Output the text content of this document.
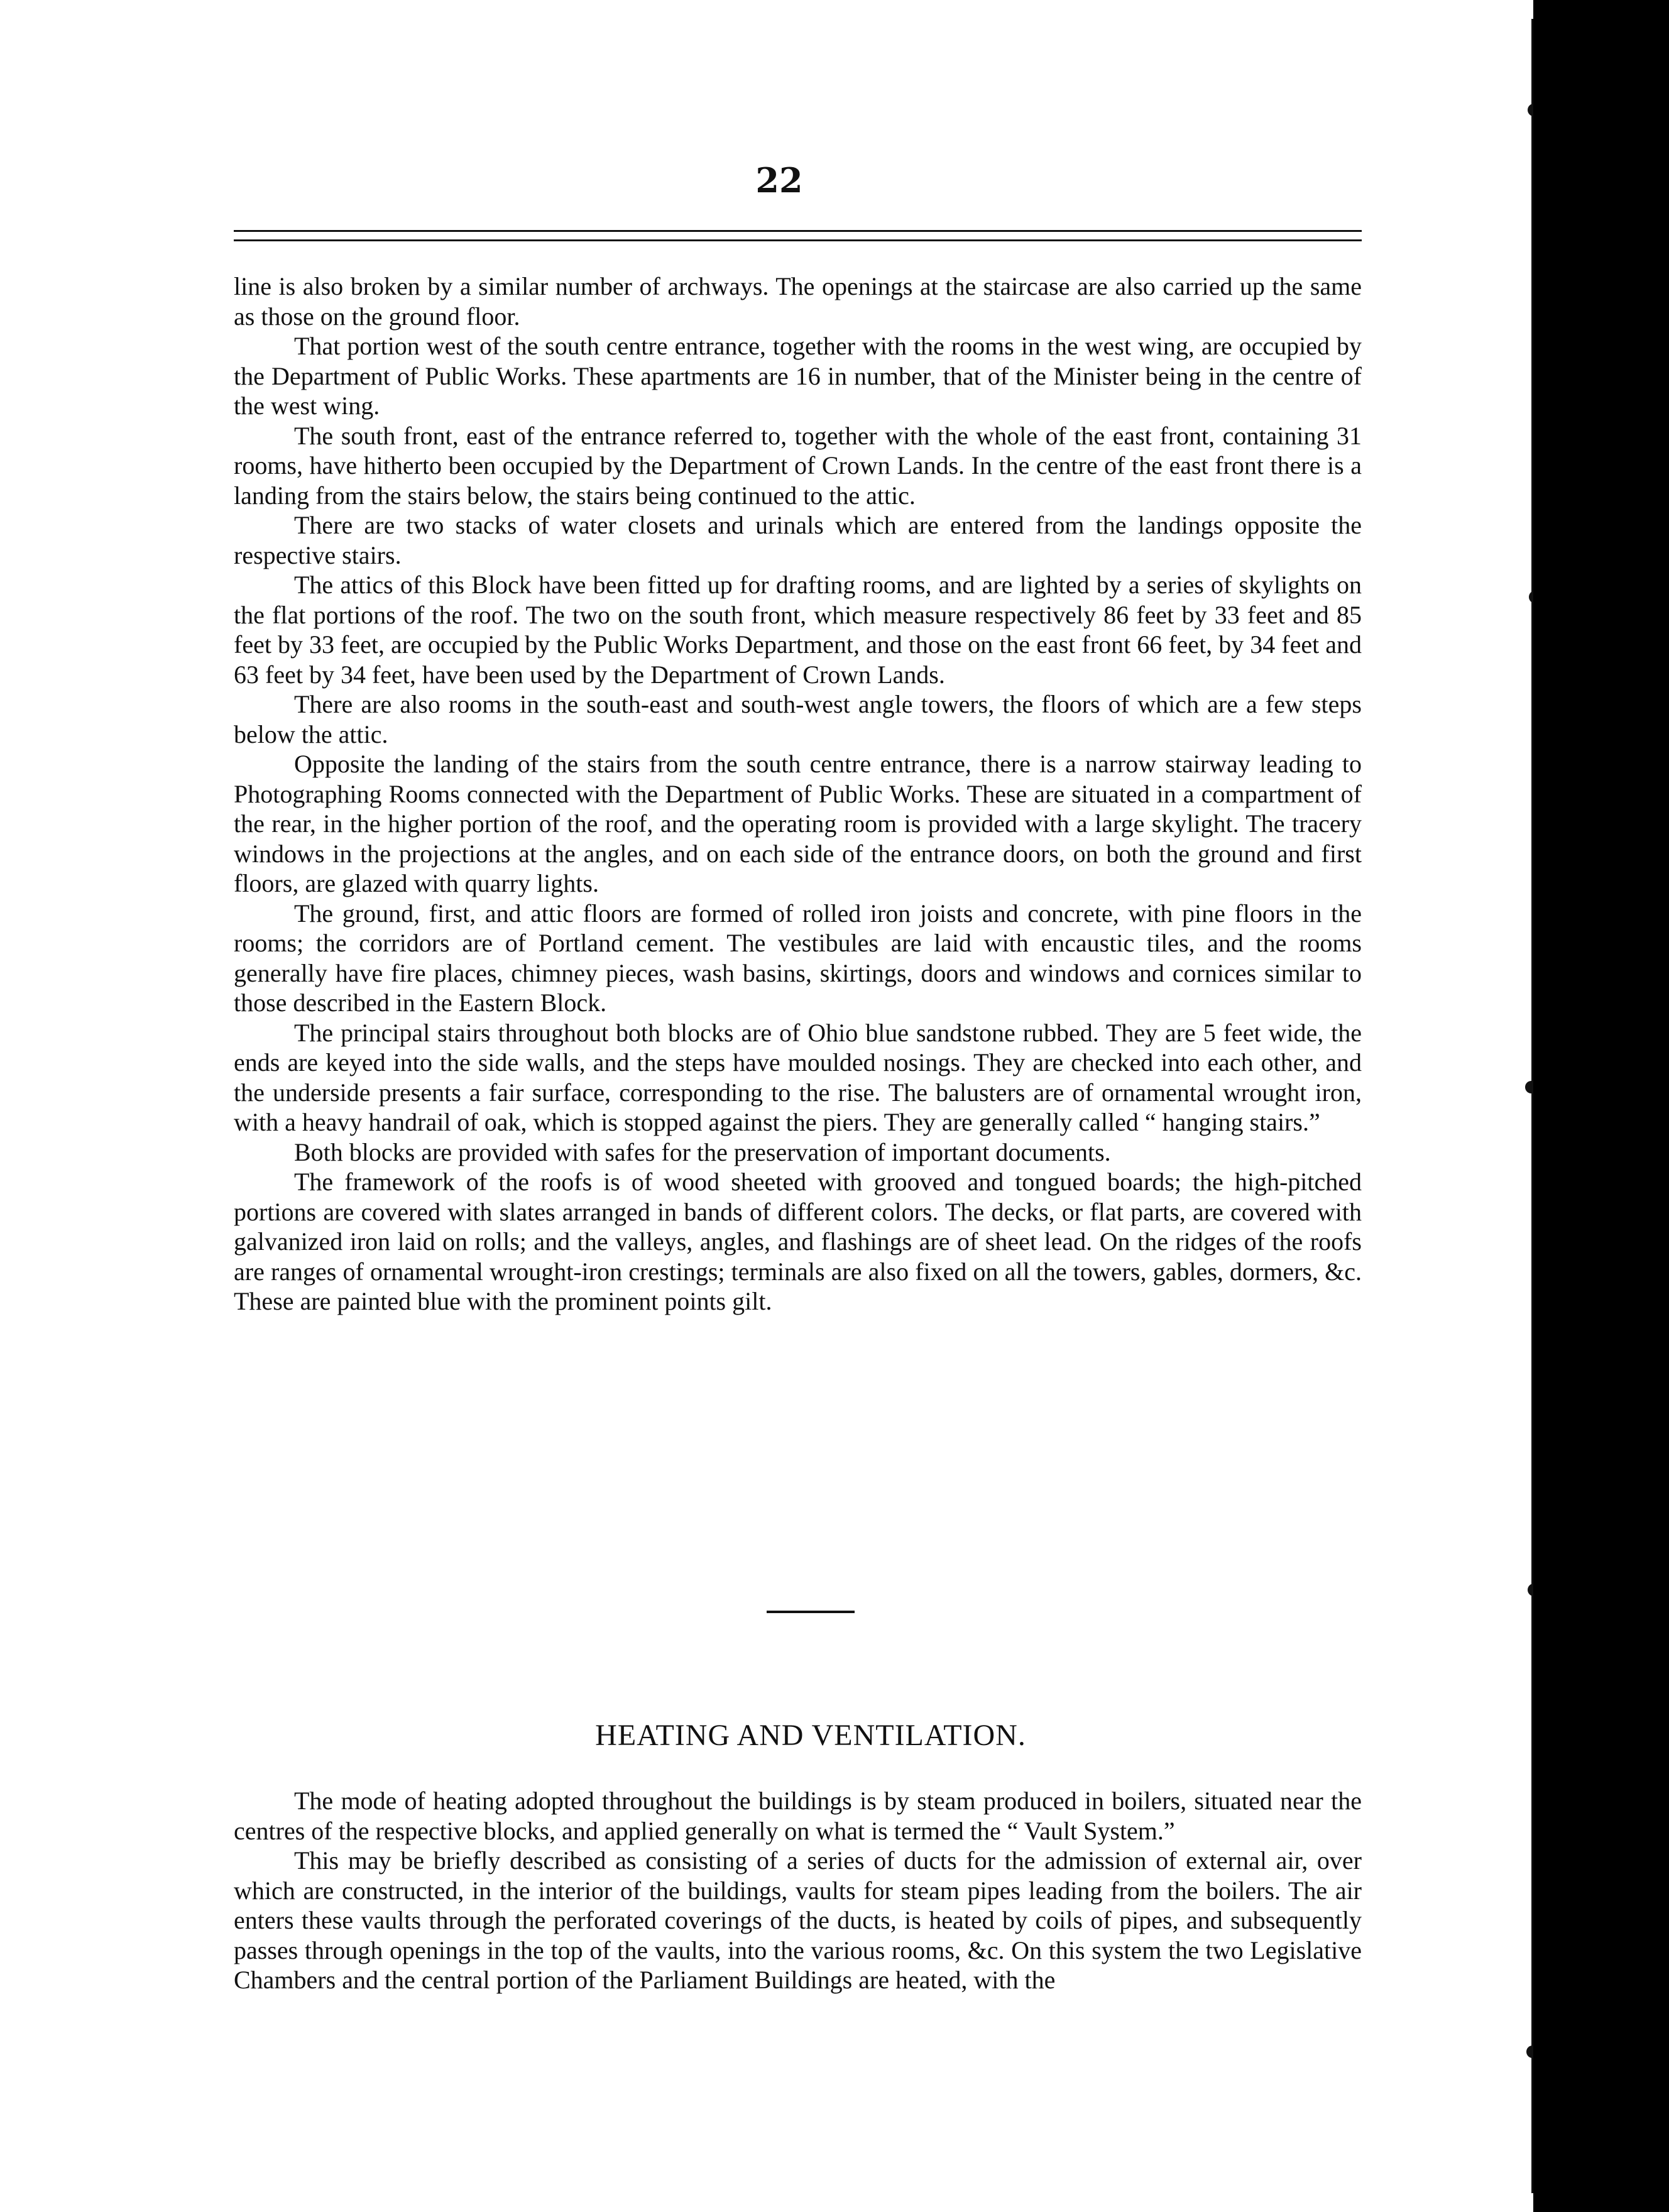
22

line is also broken by a similar number of archways. The openings at the staircase are also carried up the same as those on the ground floor.

That portion west of the south centre entrance, together with the rooms in the west wing, are occupied by the Department of Public Works. These apartments are 16 in number, that of the Minister being in the centre of the west wing.

The south front, east of the entrance referred to, together with the whole of the east front, containing 31 rooms, have hitherto been occupied by the Department of Crown Lands. In the centre of the east front there is a landing from the stairs below, the stairs being continued to the attic.

There are two stacks of water closets and urinals which are entered from the landings opposite the respective stairs.

The attics of this Block have been fitted up for drafting rooms, and are lighted by a series of skylights on the flat portions of the roof. The two on the south front, which measure respectively 86 feet by 33 feet and 85 feet by 33 feet, are occupied by the Public Works Department, and those on the east front 66 feet, by 34 feet and 63 feet by 34 feet, have been used by the Department of Crown Lands.

There are also rooms in the south-east and south-west angle towers, the floors of which are a few steps below the attic.

Opposite the landing of the stairs from the south centre entrance, there is a narrow stairway leading to Photographing Rooms connected with the Department of Public Works. These are situated in a compartment of the rear, in the higher portion of the roof, and the operating room is provided with a large skylight. The tracery windows in the projections at the angles, and on each side of the entrance doors, on both the ground and first floors, are glazed with quarry lights.

The ground, first, and attic floors are formed of rolled iron joists and concrete, with pine floors in the rooms; the corridors are of Portland cement. The vestibules are laid with encaustic tiles, and the rooms generally have fire places, chimney pieces, wash basins, skirtings, doors and windows and cornices similar to those described in the Eastern Block.

The principal stairs throughout both blocks are of Ohio blue sandstone rubbed. They are 5 feet wide, the ends are keyed into the side walls, and the steps have moulded nosings. They are checked into each other, and the underside presents a fair surface, corresponding to the rise. The balusters are of ornamental wrought iron, with a heavy handrail of oak, which is stopped against the piers. They are generally called “ hanging stairs.”

Both blocks are provided with safes for the preservation of important documents.

The framework of the roofs is of wood sheeted with grooved and tongued boards; the high-pitched portions are covered with slates arranged in bands of different colors. The decks, or flat parts, are covered with galvanized iron laid on rolls; and the valleys, angles, and flashings are of sheet lead. On the ridges of the roofs are ranges of ornamental wrought-iron crestings; terminals are also fixed on all the towers, gables, dormers, &c. These are painted blue with the prominent points gilt.

HEATING AND VENTILATION.

The mode of heating adopted throughout the buildings is by steam produced in boilers, situated near the centres of the respective blocks, and applied generally on what is termed the “ Vault System.”

This may be briefly described as consisting of a series of ducts for the admission of external air, over which are constructed, in the interior of the buildings, vaults for steam pipes leading from the boilers. The air enters these vaults through the perforated coverings of the ducts, is heated by coils of pipes, and subsequently passes through openings in the top of the vaults, into the various rooms, &c. On this system the two Legislative Chambers and the central portion of the Parliament Buildings are heated, with the
